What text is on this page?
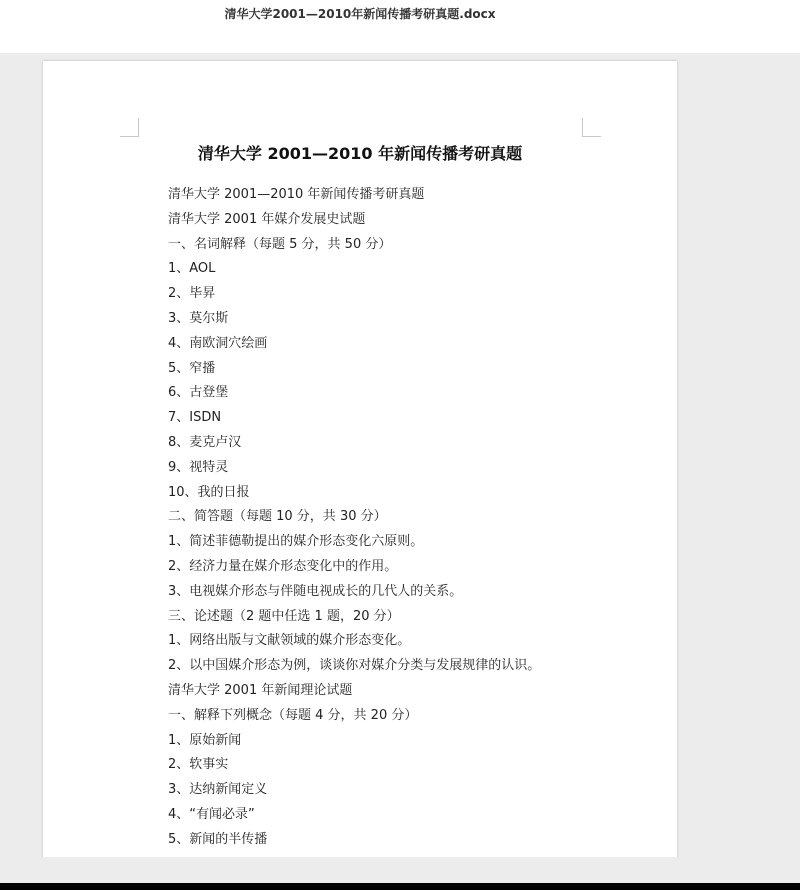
清华大学2001—2010年新闻传播考研真题.docx
清华大学 2001—2010 年新闻传播考研真题
清华大学 2001—2010 年新闻传播考研真题
清华大学 2001 年媒介发展史试题
一、名词解释（每题 5 分，共 50 分）
1、AOL
2、毕昇
3、莫尔斯
4、南欧洞穴绘画
5、窄播
6、古登堡
7、ISDN
8、麦克卢汉
9、视特灵
10、我的日报
二、简答题（每题 10 分，共 30 分）
1、简述菲德勒提出的媒介形态变化六原则。
2、经济力量在媒介形态变化中的作用。
3、电视媒介形态与伴随电视成长的几代人的关系。
三、论述题（2 题中任选 1 题，20 分）
1、网络出版与文献领域的媒介形态变化。
2、以中国媒介形态为例，谈谈你对媒介分类与发展规律的认识。
清华大学 2001 年新闻理论试题
一、解释下列概念（每题 4 分，共 20 分）
1、原始新闻
2、软事实
3、达纳新闻定义
4、“有闻必录”
5、新闻的半传播
